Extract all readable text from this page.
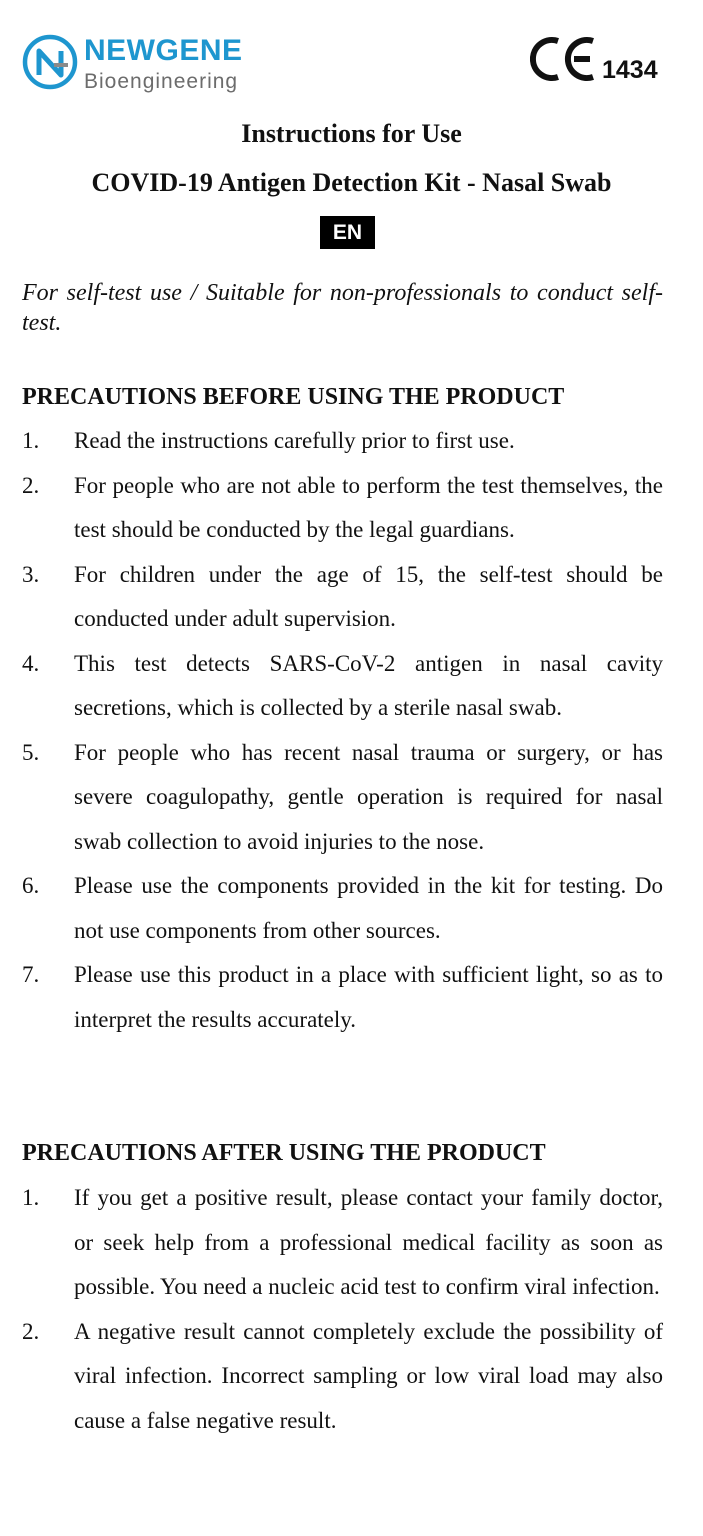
NEWGENE
Bioengineering	1434
Instructions for Use
COVID-19 Antigen Detection Kit - Nasal Swab
EN
For self-test use / Suitable for non-professionals to conduct self-test.
PRECAUTIONS BEFORE USING THE PRODUCT
1. Read the instructions carefully prior to first use.
2. For people who are not able to perform the test themselves, the test should be conducted by the legal guardians.
3. For children under the age of 15, the self-test should be conducted under adult supervision.
4. This test detects SARS-CoV-2 antigen in nasal cavity secretions, which is collected by a sterile nasal swab.
5. For people who has recent nasal trauma or surgery, or has severe coagulopathy, gentle operation is required for nasal swab collection to avoid injuries to the nose.
6. Please use the components provided in the kit for testing. Do not use components from other sources.
7. Please use this product in a place with sufficient light, so as to interpret the results accurately.
PRECAUTIONS AFTER USING THE PRODUCT
1. If you get a positive result, please contact your family doctor, or seek help from a professional medical facility as soon as possible. You need a nucleic acid test to confirm viral infection.
2. A negative result cannot completely exclude the possibility of viral infection. Incorrect sampling or low viral load may also cause a false negative result.
